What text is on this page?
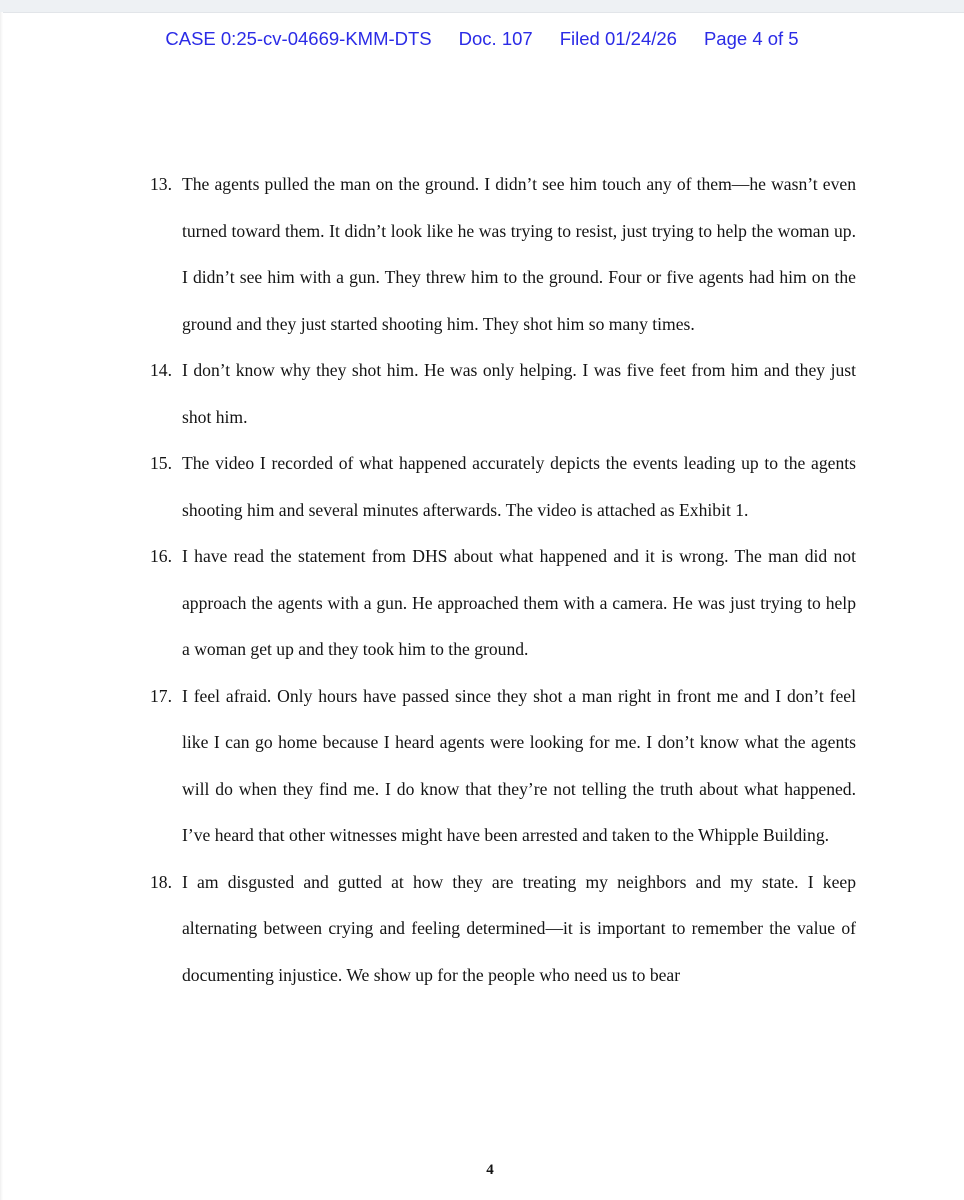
CASE 0:25-cv-04669-KMM-DTS Doc. 107 Filed 01/24/26 Page 4 of 5
13. The agents pulled the man on the ground. I didn’t see him touch any of them—he wasn’t even turned toward them. It didn’t look like he was trying to resist, just trying to help the woman up. I didn’t see him with a gun. They threw him to the ground. Four or five agents had him on the ground and they just started shooting him. They shot him so many times.
14. I don’t know why they shot him. He was only helping. I was five feet from him and they just shot him.
15. The video I recorded of what happened accurately depicts the events leading up to the agents shooting him and several minutes afterwards. The video is attached as Exhibit 1.
16. I have read the statement from DHS about what happened and it is wrong. The man did not approach the agents with a gun. He approached them with a camera. He was just trying to help a woman get up and they took him to the ground.
17. I feel afraid. Only hours have passed since they shot a man right in front me and I don’t feel like I can go home because I heard agents were looking for me. I don’t know what the agents will do when they find me. I do know that they’re not telling the truth about what happened. I’ve heard that other witnesses might have been arrested and taken to the Whipple Building.
18. I am disgusted and gutted at how they are treating my neighbors and my state. I keep alternating between crying and feeling determined—it is important to remember the value of documenting injustice. We show up for the people who need us to bear
4
